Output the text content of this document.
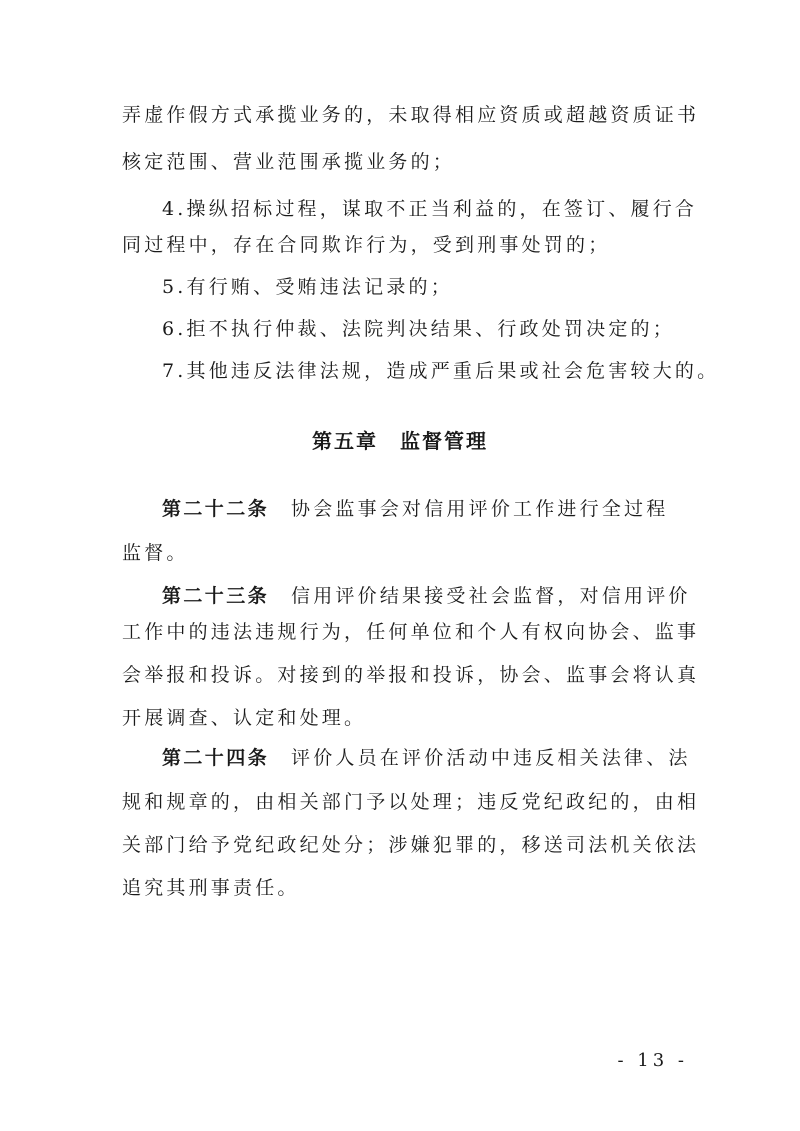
弄虚作假方式承揽业务的，未取得相应资质或超越资质证书
核定范围、营业范围承揽业务的；
4.操纵招标过程，谋取不正当利益的，在签订、履行合
同过程中，存在合同欺诈行为，受到刑事处罚的；
5.有行贿、受贿违法记录的；
6.拒不执行仲裁、法院判决结果、行政处罚决定的；
7.其他违反法律法规，造成严重后果或社会危害较大的。
第五章 监督管理
第二十二条 协会监事会对信用评价工作进行全过程
监督。
第二十三条 信用评价结果接受社会监督，对信用评价
工作中的违法违规行为，任何单位和个人有权向协会、监事
会举报和投诉。对接到的举报和投诉，协会、监事会将认真
开展调查、认定和处理。
第二十四条 评价人员在评价活动中违反相关法律、法
规和规章的，由相关部门予以处理；违反党纪政纪的，由相
关部门给予党纪政纪处分；涉嫌犯罪的，移送司法机关依法
追究其刑事责任。
- 13 -
